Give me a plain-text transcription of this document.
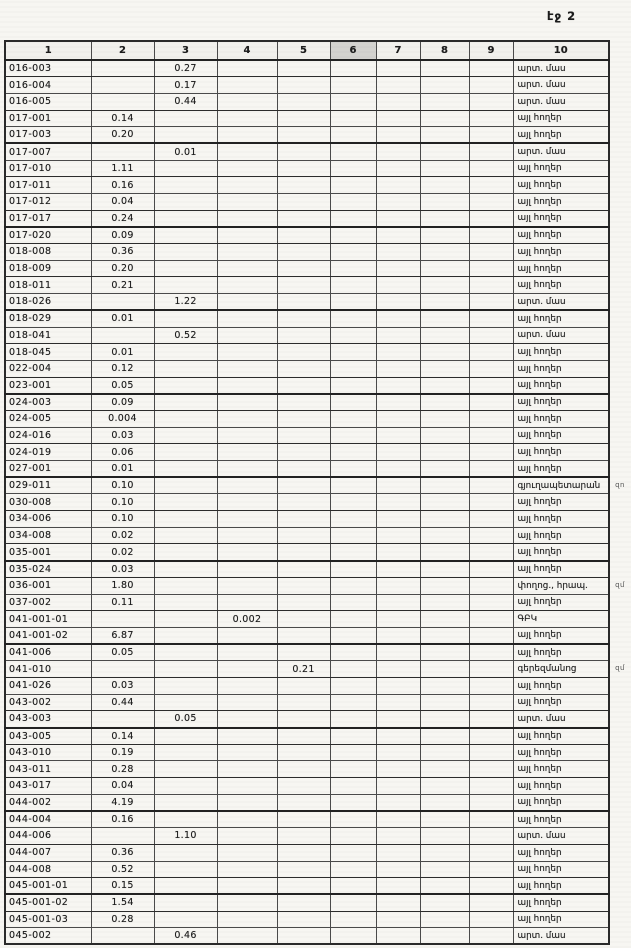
էջ 2
1	2	3	4	5	6	7	8	9	10
016-003		0.27							արտ. մաս
016-004		0.17							արտ. մաս
016-005		0.44							արտ. մաս
017-001	0.14								այլ հողեր
017-003	0.20								այլ հողեր
017-007		0.01							արտ. մաս
017-010	1.11								այլ հողեր
017-011	0.16								այլ հողեր
017-012	0.04								այլ հողեր
017-017	0.24								այլ հողեր
017-020	0.09								այլ հողեր
018-008	0.36								այլ հողեր
018-009	0.20								այլ հողեր
018-011	0.21								այլ հողեր
018-026		1.22							արտ. մաս
018-029	0.01								այլ հողեր
018-041		0.52							արտ. մաս
018-045	0.01								այլ հողեր
022-004	0.12								այլ հողեր
023-001	0.05								այլ հողեր
024-003	0.09								այլ հողեր
024-005	0.004								այլ հողեր
024-016	0.03								այլ հողեր
024-019	0.06								այլ հողեր
027-001	0.01								այլ հողեր
029-011	0.10								գյուղապետարան զո

030-008	0.10								այլ հողեր
034-006	0.10								այլ հողեր
034-008	0.02								այլ հողեր
035-001	0.02								այլ հողեր
035-024	0.03								այլ հողեր
036-001	1.80								փողոց., հրապ. զմ

037-002	0.11								այլ հողեր
041-001-01			0.002						ԳԲԿ
041-001-02	6.87								այլ հողեր
041-006	0.05								այլ հողեր
041-010				0.21					գերեզմանոց զմ

041-026	0.03								այլ հողեր
043-002	0.44								այլ հողեր
043-003		0.05							արտ. մաս
043-005	0.14								այլ հողեր
043-010	0.19								այլ հողեր
043-011	0.28								այլ հողեր
043-017	0.04								այլ հողեր
044-002	4.19								այլ հողեր
044-004	0.16								այլ հողեր
044-006		1.10							արտ. մաս
044-007	0.36								այլ հողեր
044-008	0.52								այլ հողեր
045-001-01	0.15								այլ հողեր
045-001-02	1.54								այլ հողեր
045-001-03	0.28								այլ հողեր
045-002		0.46							արտ. մաս
